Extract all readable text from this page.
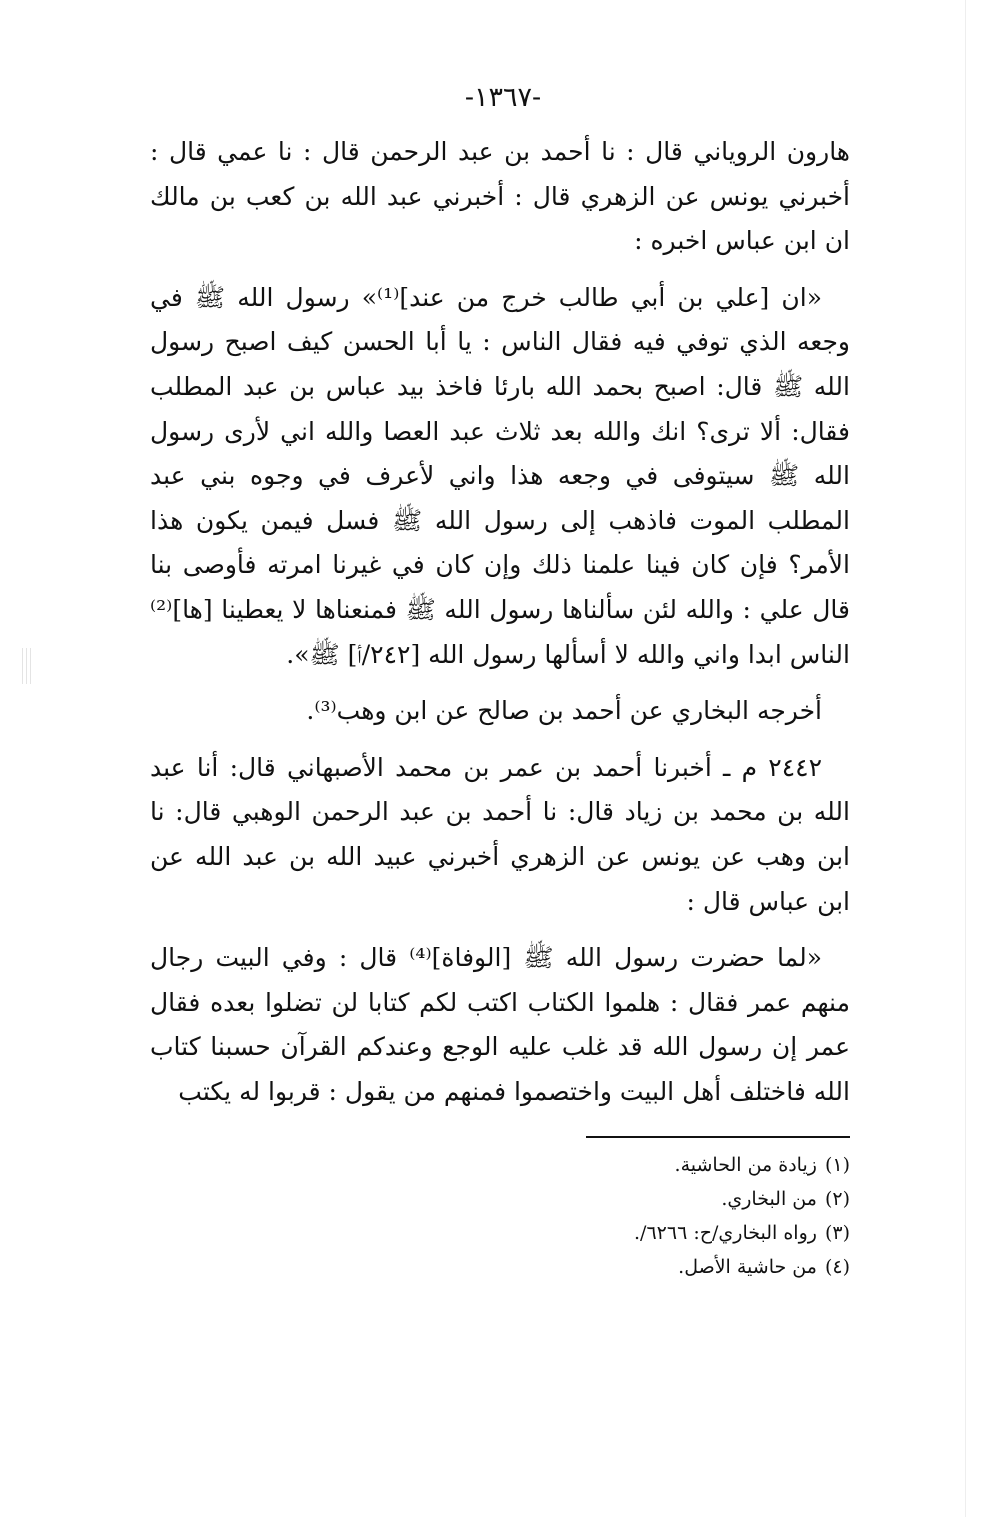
-١٣٦٧-

هارون الروياني قال : نا أحمد بن عبد الرحمن قال : نا عمي قال : أخبرني يونس عن الزهري قال : أخبرني عبد الله بن كعب بن مالك ان ابن عباس اخبره :

«ان [علي بن أبي طالب خرج من عند]⁽¹⁾» رسول الله ﷺ في وجعه الذي توفي فيه فقال الناس : يا أبا الحسن كيف اصبح رسول الله ﷺ قال: اصبح بحمد الله بارئا فاخذ بيد عباس بن عبد المطلب فقال: ألا ترى؟ انك والله بعد ثلاث عبد العصا والله اني لأرى رسول الله ﷺ سيتوفى في وجعه هذا واني لأعرف في وجوه بني عبد المطلب الموت فاذهب إلى رسول الله ﷺ فسل فيمن يكون هذا الأمر؟ فإن كان فينا علمنا ذلك وإن كان في غيرنا امرته فأوصى بنا قال علي : والله لئن سألناها رسول الله ﷺ فمنعناها لا يعطينا [ها]⁽²⁾ الناس ابدا واني والله لا أسألها رسول الله [٢٤٢/أ] ﷺ».

أخرجه البخاري عن أحمد بن صالح عن ابن وهب⁽³⁾.

٢٤٤٢ م ـ أخبرنا أحمد بن عمر بن محمد الأصبهاني قال: أنا عبد الله بن محمد بن زياد قال: نا أحمد بن عبد الرحمن الوهبي قال: نا ابن وهب عن يونس عن الزهري أخبرني عبيد الله بن عبد الله عن ابن عباس قال :

«لما حضرت رسول الله ﷺ [الوفاة]⁽⁴⁾ قال : وفي البيت رجال منهم عمر فقال : هلموا الكتاب اكتب لكم كتابا لن تضلوا بعده فقال عمر إن رسول الله قد غلب عليه الوجع وعندكم القرآن حسبنا كتاب الله فاختلف أهل البيت واختصموا فمنهم من يقول : قربوا له يكتب

(١)زيادة من الحاشية.

(٢)من البخاري.

(٣)رواه البخاري/ح: ٦٢٦٦/.

(٤)من حاشية الأصل.
